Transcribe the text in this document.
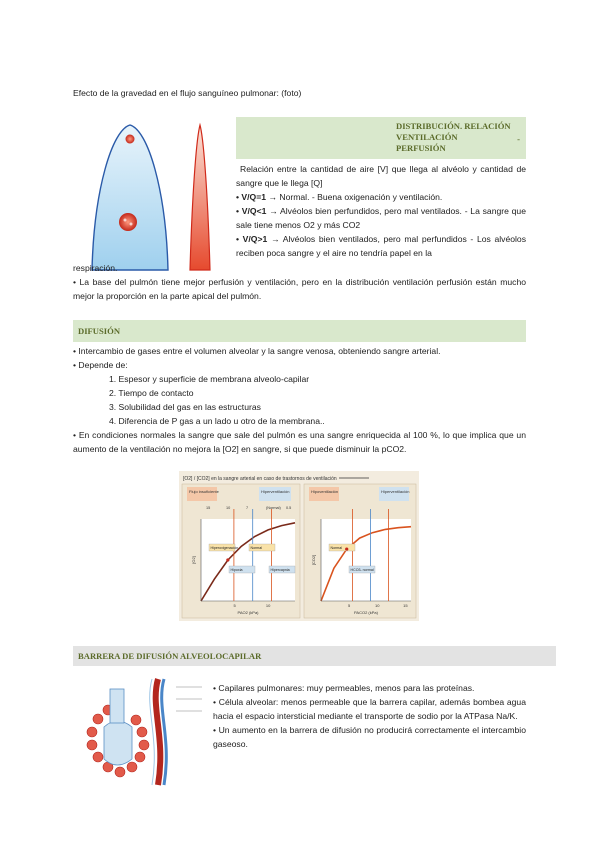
Efecto de la gravedad en el flujo sanguíneo pulmonar: (foto)
DISTRIBUCIÓN. RELACIÓN
VENTILACIÓN
PERFUSIÓN
-
Relación entre la cantidad de aire [V] que llega al alvéolo y cantidad de sangre que le llega [Q]
• V/Q=1 → Normal. - Buena oxigenación y ventilación.
• V/Q<1 → Alvéolos bien perfundidos, pero mal ventilados. - La sangre que sale tiene menos O2 y más CO2
• V/Q>1 → Alvéolos bien ventilados, pero mal perfundidos - Los alvéolos reciben poca sangre y el aire no tendría papel en la
respiración.
• La base del pulmón tiene mejor perfusión y ventilación, pero en la distribución ventilación perfusión están mucho mejor la proporción en la parte apical del pulmón.
DIFUSIÓN
• Intercambio de gases entre el volumen alveolar y la sangre venosa, obteniendo sangre arterial.
• Depende de:
1. Espesor y superficie de membrana alveolo-capilar
2. Tiempo de contacto
3. Solubilidad del gas en las estructuras
4. Diferencia de P gas a un lado u otro de la membrana..
• En condiciones normales la sangre que sale del pulmón es una sangre enriquecida al 100 %, lo que implica que un aumento de la ventilación no mejora la [O2] en sangre, si que puede disminuir la pCO2.
[O2] / [CO2] en la sangre arterial en caso de trastornos de ventilación
Flujo insuficiente	Hiperventilación	Hipoventilación	Hiperventilación
5	10
PAO2 (kPa)
[O2]
Hiperoxigenación
Hipoxia
Normal
Hipercapnia
15	10	7	(Normal) 0.5
5	10	15
PACO2 (kPa)
[CO2]
Normal
HCO3- normal
BARRERA DE DIFUSIÓN ALVEOLOCAPILAR
• Capilares pulmonares: muy permeables, menos para las proteínas.
• Célula alveolar: menos permeable que la barrera capilar, además bombea agua hacia el espacio intersticial mediante el transporte de sodio por la ATPasa Na/K.
• Un aumento en la barrera de difusión no producirá correctamente el intercambio gaseoso.
